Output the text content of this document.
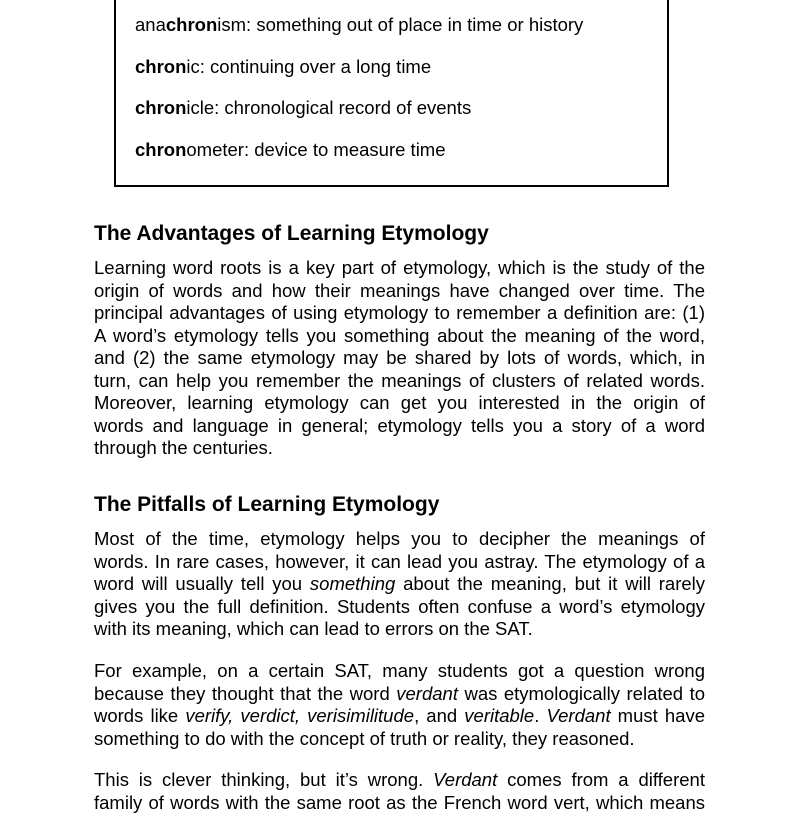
anachronism: something out of place in time or history

chronic: continuing over a long time

chronicle: chronological record of events

chronometer: device to measure time

The Advantages of Learning Etymology
Learning word roots is a key part of etymology, which is the study of the
origin of words and how their meanings have changed over time. The
principal advantages of using etymology to remember a definition are: (1)
A word’s etymology tells you something about the meaning of the word,
and (2) the same etymology may be shared by lots of words, which, in
turn, can help you remember the meanings of clusters of related words.
Moreover, learning etymology can get you interested in the origin of
words and language in general; etymology tells you a story of a word
through the centuries.
The Pitfalls of Learning Etymology
Most of the time, etymology helps you to decipher the meanings of
words. In rare cases, however, it can lead you astray. The etymology of a
word will usually tell you something about the meaning, but it will rarely
gives you the full definition. Students often confuse a word’s etymology
with its meaning, which can lead to errors on the SAT.
For example, on a certain SAT, many students got a question wrong
because they thought that the word verdant was etymologically related to
words like verify, verdict, verisimilitude, and veritable. Verdant must have
something to do with the concept of truth or reality, they reasoned.
This is clever thinking, but it’s wrong. Verdant comes from a different
family of words with the same root as the French word vert, which means
